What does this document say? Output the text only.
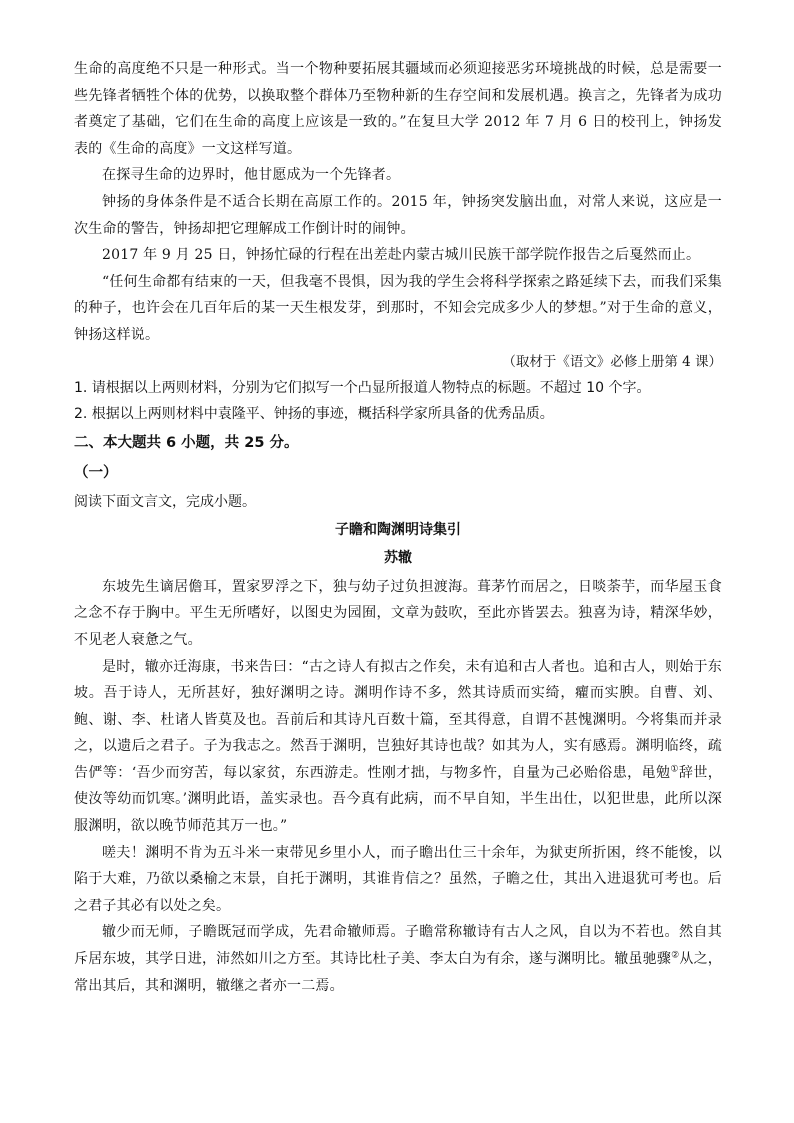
生命的高度绝不只是一种形式。当一个物种要拓展其疆域而必须迎接恶劣环境挑战的时候，总是需要一些先锋者牺牲个体的优势，以换取整个群体乃至物种新的生存空间和发展机遇。换言之，先锋者为成功者奠定了基础，它们在生命的高度上应该是一致的。”在复旦大学 2012 年 7 月 6 日的校刊上，钟扬发表的《生命的高度》一文这样写道。

在探寻生命的边界时，他甘愿成为一个先锋者。

钟扬的身体条件是不适合长期在高原工作的。2015 年，钟扬突发脑出血，对常人来说，这应是一次生命的警告，钟扬却把它理解成工作倒计时的闹钟。

2017 年 9 月 25 日，钟扬忙碌的行程在出差赴内蒙古城川民族干部学院作报告之后戛然而止。

“任何生命都有结束的一天，但我毫不畏惧，因为我的学生会将科学探索之路延续下去，而我们采集的种子，也许会在几百年后的某一天生根发芽，到那时，不知会完成多少人的梦想。”对于生命的意义，钟扬这样说。

（取材于《语文》必修上册第 4 课）

1. 请根据以上两则材料，分别为它们拟写一个凸显所报道人物特点的标题。不超过 10 个字。

2. 根据以上两则材料中袁隆平、钟扬的事迹，概括科学家所具备的优秀品质。

二、本大题共 6 小题，共 25 分。

（一）

阅读下面文言文，完成小题。

子瞻和陶渊明诗集引

苏辙

东坡先生谪居儋耳，置家罗浮之下，独与幼子过负担渡海。葺茅竹而居之，日啖荼芋，而华屋玉食之念不存于胸中。平生无所嗜好，以图史为园囿，文章为鼓吹，至此亦皆罢去。独喜为诗，精深华妙，不见老人衰惫之气。

是时，辙亦迁海康，书来告曰：“古之诗人有拟古之作矣，未有追和古人者也。追和古人，则始于东坡。吾于诗人，无所甚好，独好渊明之诗。渊明作诗不多，然其诗质而实绮，癯而实腴。自曹、刘、鲍、谢、李、杜诸人皆莫及也。吾前后和其诗凡百数十篇，至其得意，自谓不甚愧渊明。今将集而并录之，以遗后之君子。子为我志之。然吾于渊明，岂独好其诗也哉？如其为人，实有感焉。渊明临终，疏告俨等：‘吾少而穷苦，每以家贫，东西游走。性刚才拙，与物多忤，自量为己必贻俗患，黾勉①辞世，使汝等幼而饥寒。’渊明此语，盖实录也。吾今真有此病，而不早自知，半生出仕，以犯世患，此所以深服渊明，欲以晚节师范其万一也。”

嗟夫！渊明不肯为五斗米一束带见乡里小人，而子瞻出仕三十余年，为狱吏所折困，终不能悛，以陷于大难，乃欲以桑榆之末景，自托于渊明，其谁肯信之？虽然，子瞻之仕，其出入进退犹可考也。后之君子其必有以处之矣。

辙少而无师，子瞻既冠而学成，先君命辙师焉。子瞻常称辙诗有古人之风，自以为不若也。然自其斥居东坡，其学日进，沛然如川之方至。其诗比杜子美、李太白为有余，遂与渊明比。辙虽驰骤②从之，常出其后，其和渊明，辙继之者亦一二焉。
